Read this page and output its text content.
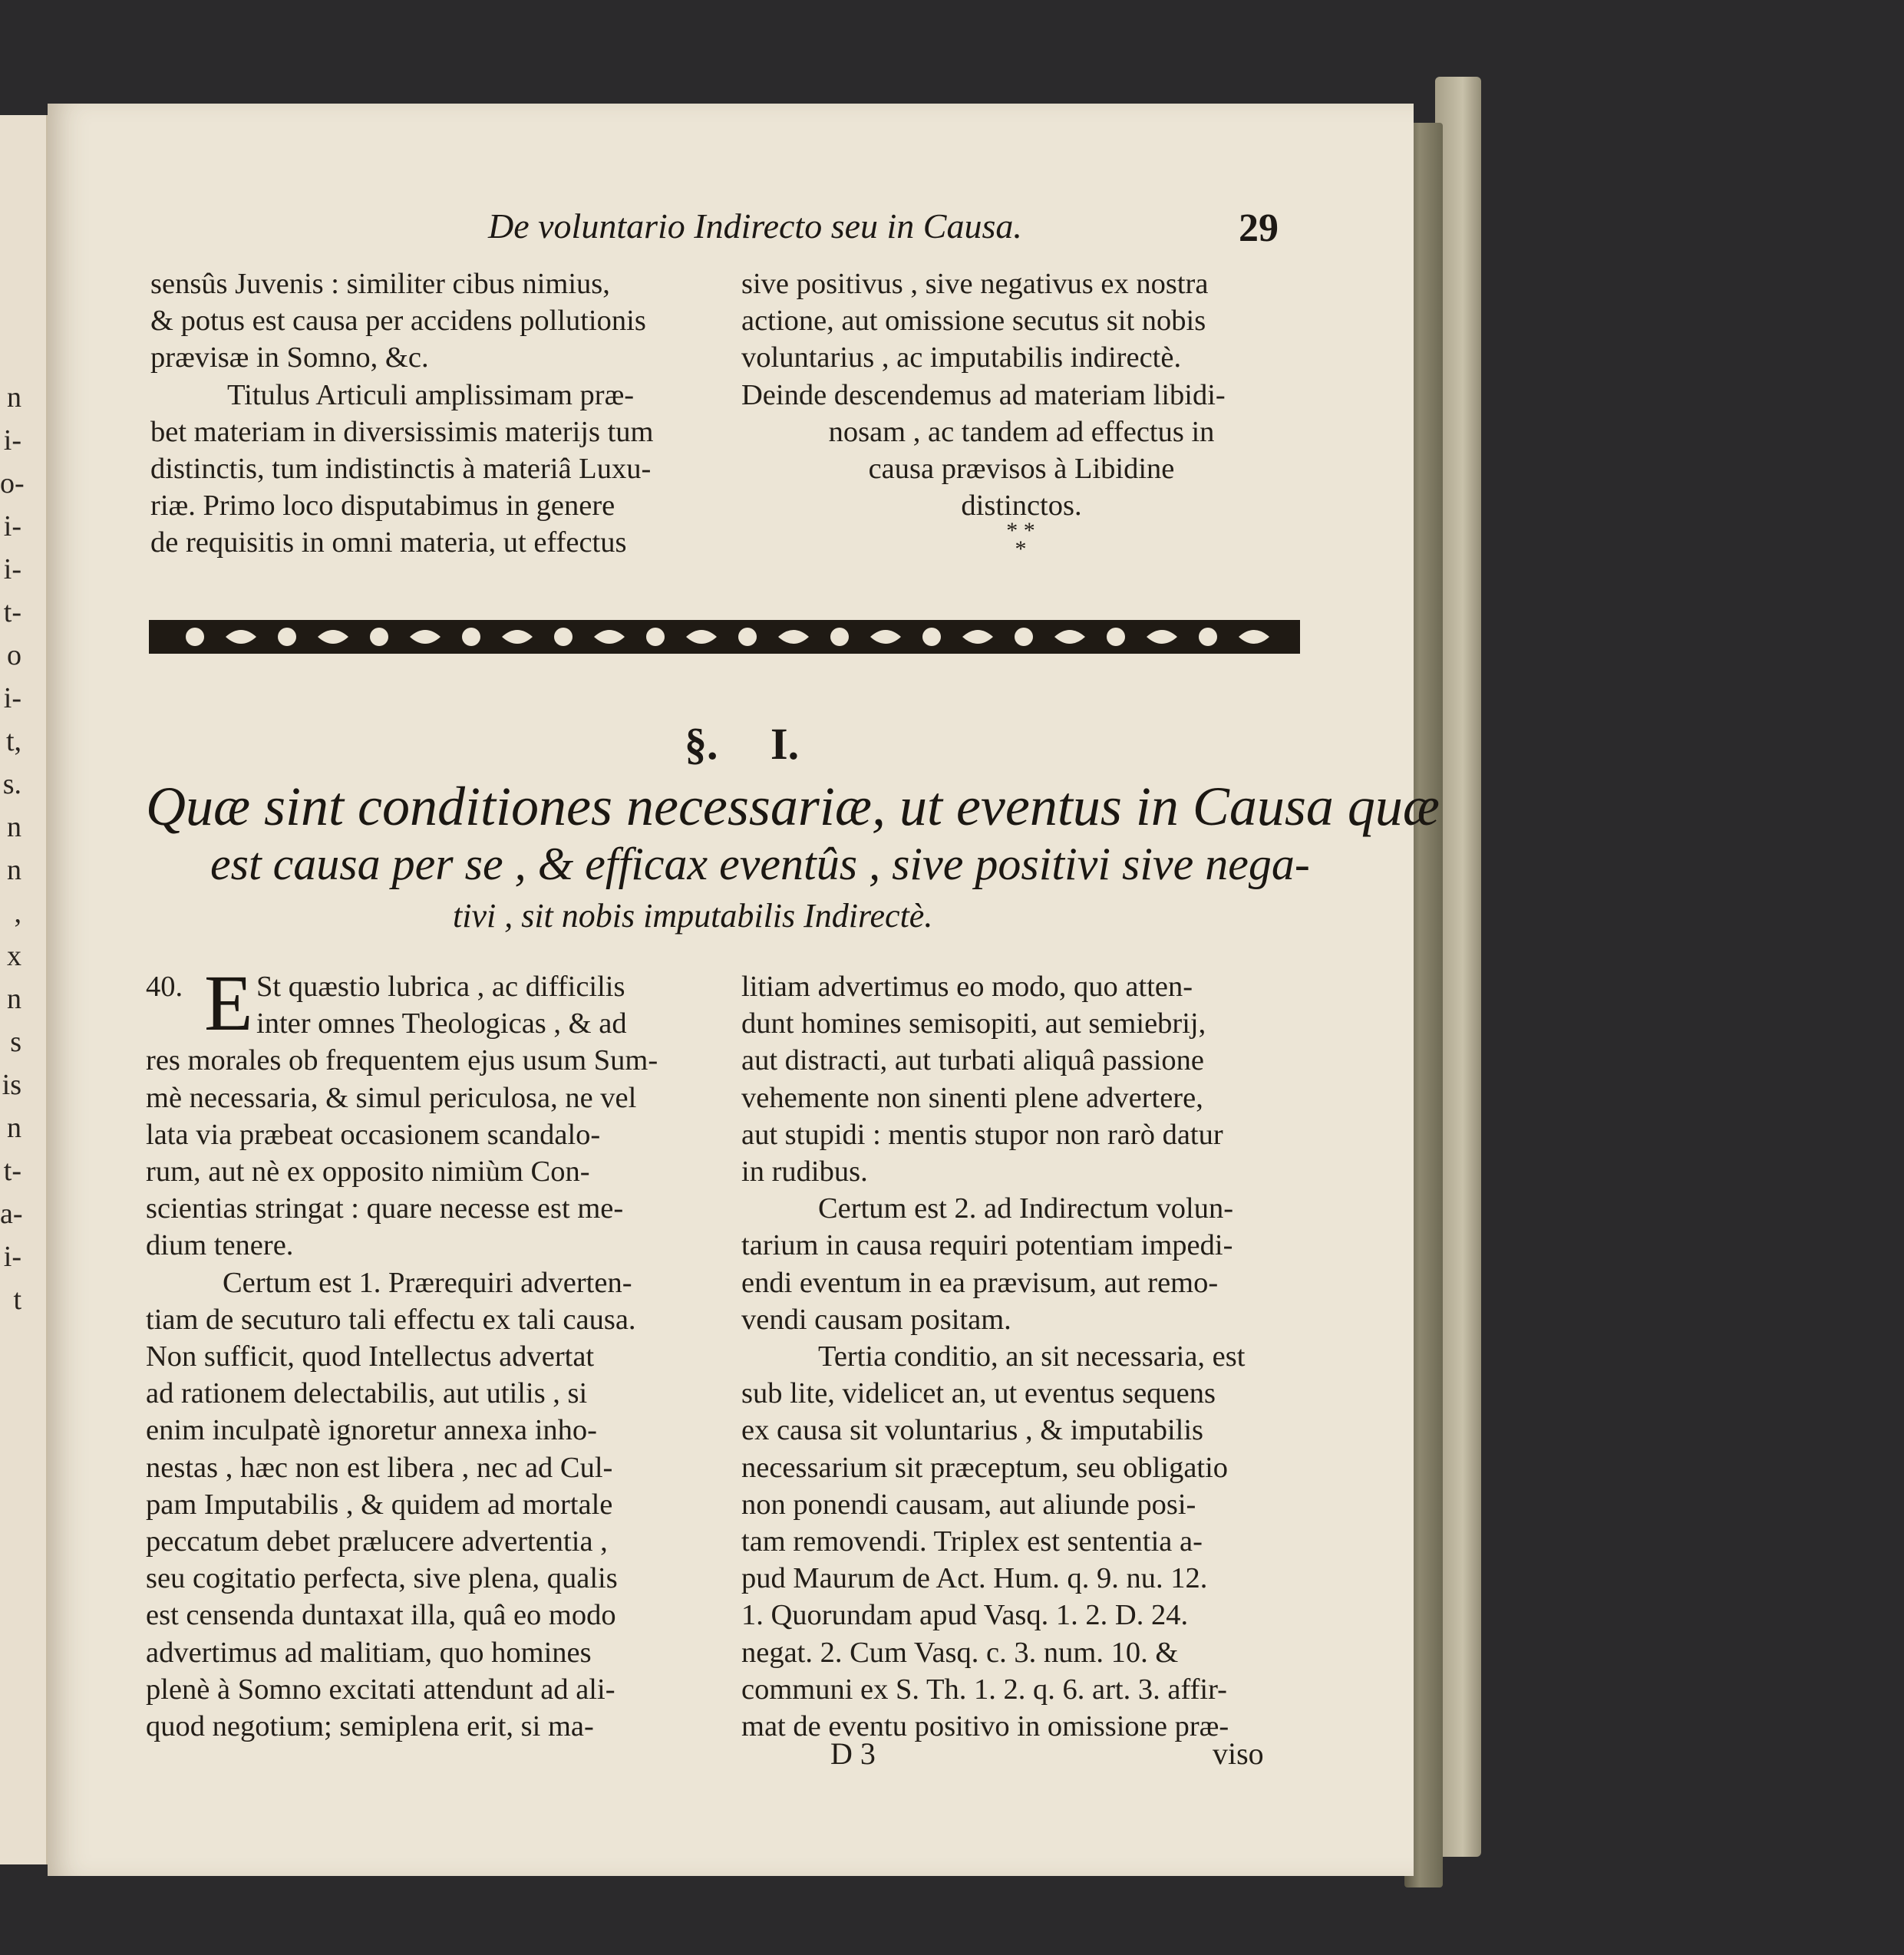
n
i-
o-
i-
i-
t-
o
i-
t,
s.
n
n
,
x
n
s
is
n
t-
a-
i-
t
De voluntario Indirecto seu in Causa.	29
sensûs Juvenis : similiter cibus nimius,
& potus est causa per accidens pollutionis
prævisæ in Somno, &c.
Titulus Articuli amplissimam præ-
bet materiam in diversissimis materijs tum
distinctis, tum indistinctis à materiâ Luxu-
riæ. Primo loco disputabimus in genere
de requisitis in omni materia, ut effectus
sive positivus , sive negativus ex nostra
actione, aut omissione secutus sit nobis
voluntarius , ac imputabilis indirectè.
Deinde descendemus ad materiam libidi-
nosam , ac tandem ad effectus in
causa prævisos à Libidine
distinctos.
* *
*
§. I.
Quæ sint conditiones necessariæ, ut eventus in Causa quæ
est causa per se , & efficax eventûs , sive positivi sive nega-
tivi , sit nobis imputabilis Indirectè.
40. E St quæstio lubrica , ac difficilis
inter omnes Theologicas , & ad
res morales ob frequentem ejus usum Sum-
mè necessaria, & simul periculosa, ne vel
lata via præbeat occasionem scandalo-
rum, aut nè ex opposito nimiùm Con-
scientias stringat : quare necesse est me-
dium tenere.
Certum est 1. Prærequiri adverten-
tiam de secuturo tali effectu ex tali causa.
Non sufficit, quod Intellectus advertat
ad rationem delectabilis, aut utilis , si
enim inculpatè ignoretur annexa inho-
nestas , hæc non est libera , nec ad Cul-
pam Imputabilis , & quidem ad mortale
peccatum debet prælucere advertentia ,
seu cogitatio perfecta, sive plena, qualis
est censenda duntaxat illa, quâ eo modo
advertimus ad malitiam, quo homines
plenè à Somno excitati attendunt ad ali-
quod negotium; semiplena erit, si ma-
litiam advertimus eo modo, quo atten-
dunt homines semisopiti, aut semiebrij,
aut distracti, aut turbati aliquâ passione
vehemente non sinenti plene advertere,
aut stupidi : mentis stupor non rarò datur
in rudibus.
Certum est 2. ad Indirectum volun-
tarium in causa requiri potentiam impedi-
endi eventum in ea prævisum, aut remo-
vendi causam positam.
Tertia conditio, an sit necessaria, est
sub lite, videlicet an, ut eventus sequens
ex causa sit voluntarius , & imputabilis
necessarium sit præceptum, seu obligatio
non ponendi causam, aut aliunde posi-
tam removendi. Triplex est sententia a-
pud Maurum de Act. Hum. q. 9. nu. 12.
1. Quorundam apud Vasq. 1. 2. D. 24.
negat. 2. Cum Vasq. c. 3. num. 10. &
communi ex S. Th. 1. 2. q. 6. art. 3. affir-
mat de eventu positivo in omissione præ-
D 3	viso
